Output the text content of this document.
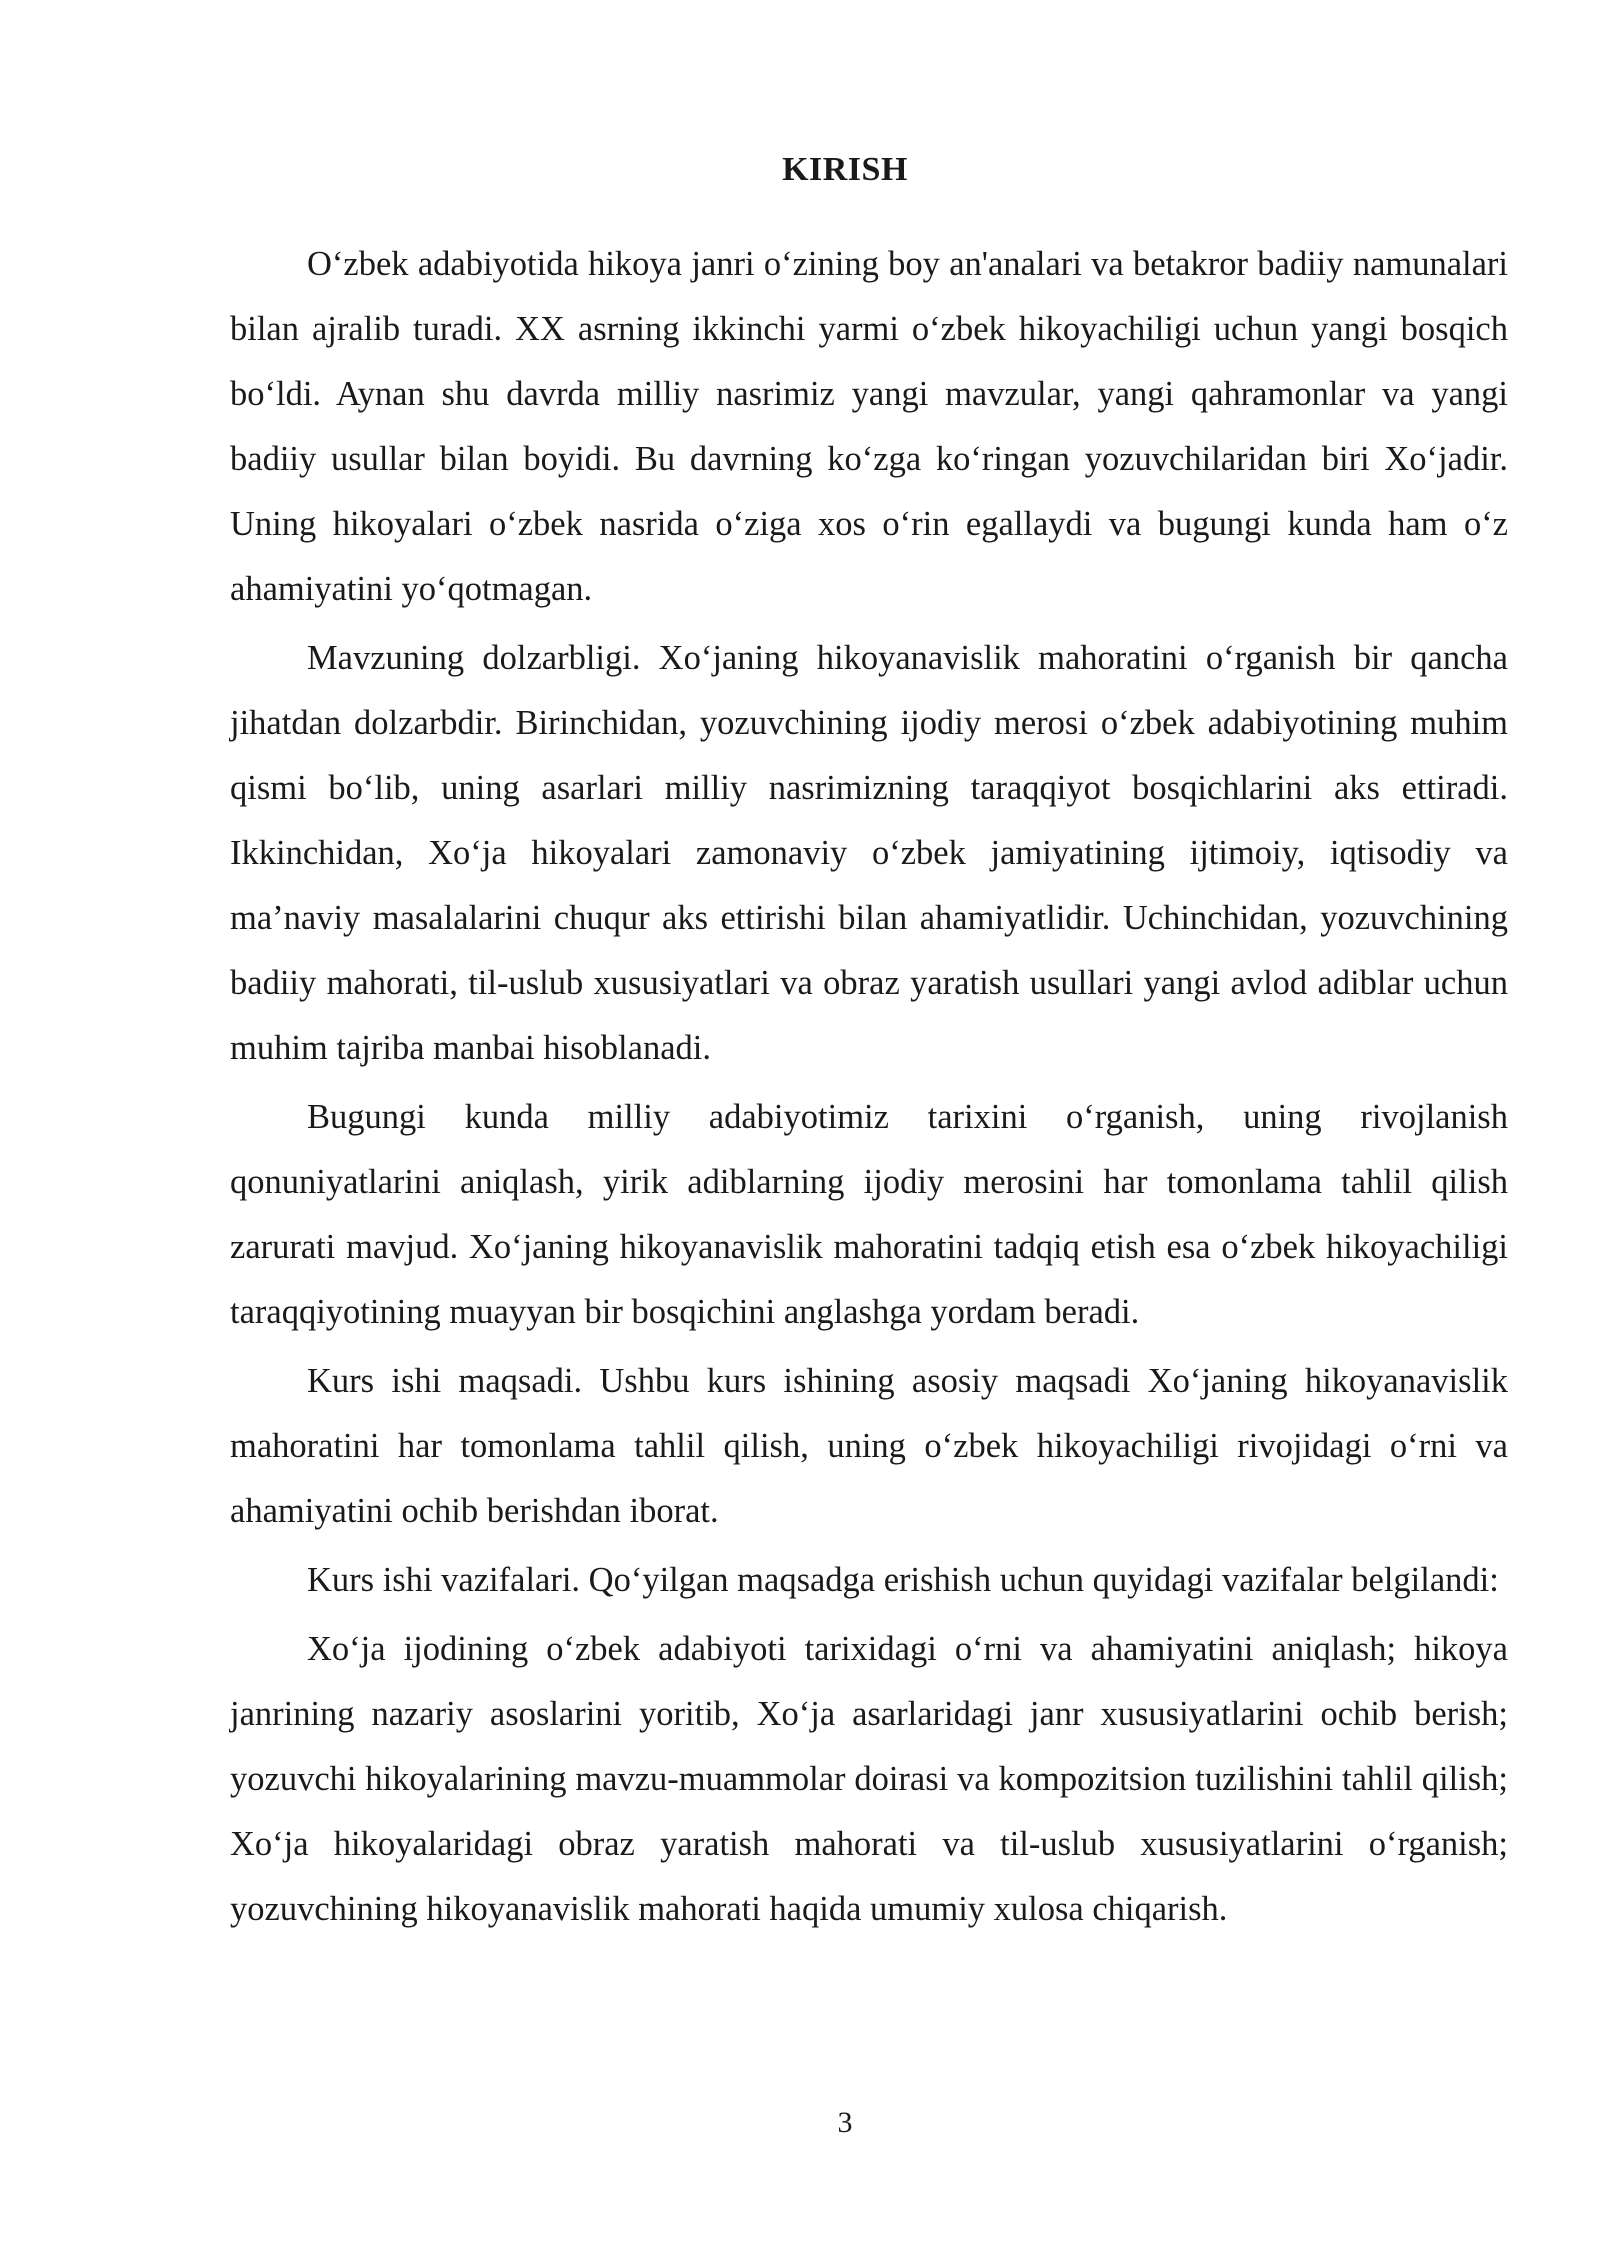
KIRISH

O‘zbek adabiyotida hikoya janri o‘zining boy an'analari va betakror badiiy namunalari bilan ajralib turadi. XX asrning ikkinchi yarmi o‘zbek hikoyachiligi uchun yangi bosqich bo‘ldi. Aynan shu davrda milliy nasrimiz yangi mavzular, yangi qahramonlar va yangi badiiy usullar bilan boyidi. Bu davrning ko‘zga ko‘ringan yozuvchilaridan biri Xo‘jadir. Uning hikoyalari o‘zbek nasrida o‘ziga xos o‘rin egallaydi va bugungi kunda ham o‘z ahamiyatini yo‘qotmagan.

Mavzuning dolzarbligi. Xo‘janing hikoyanavislik mahoratini o‘rganish bir qancha jihatdan dolzarbdir. Birinchidan, yozuvchining ijodiy merosi o‘zbek adabiyotining muhim qismi bo‘lib, uning asarlari milliy nasrimizning taraqqiyot bosqichlarini aks ettiradi. Ikkinchidan, Xo‘ja hikoyalari zamonaviy o‘zbek jamiyatining ijtimoiy, iqtisodiy va ma’naviy masalalarini chuqur aks ettirishi bilan ahamiyatlidir. Uchinchidan, yozuvchining badiiy mahorati, til-uslub xususiyatlari va obraz yaratish usullari yangi avlod adiblar uchun muhim tajriba manbai hisoblanadi.

Bugungi kunda milliy adabiyotimiz tarixini o‘rganish, uning rivojlanish qonuniyatlarini aniqlash, yirik adiblarning ijodiy merosini har tomonlama tahlil qilish zarurati mavjud. Xo‘janing hikoyanavislik mahoratini tadqiq etish esa o‘zbek hikoyachiligi taraqqiyotining muayyan bir bosqichini anglashga yordam beradi.

Kurs ishi maqsadi. Ushbu kurs ishining asosiy maqsadi Xo‘janing hikoyanavislik mahoratini har tomonlama tahlil qilish, uning o‘zbek hikoyachiligi rivojidagi o‘rni va ahamiyatini ochib berishdan iborat.

Kurs ishi vazifalari. Qo‘yilgan maqsadga erishish uchun quyidagi vazifalar belgilandi:

Xo‘ja ijodining o‘zbek adabiyoti tarixidagi o‘rni va ahamiyatini aniqlash; hikoya janrining nazariy asoslarini yoritib, Xo‘ja asarlaridagi janr xususiyatlarini ochib berish; yozuvchi hikoyalarining mavzu-muammolar doirasi va kompozitsion tuzilishini tahlil qilish; Xo‘ja hikoyalaridagi obraz yaratish mahorati va til-uslub xususiyatlarini o‘rganish; yozuvchining hikoyanavislik mahorati haqida umumiy xulosa chiqarish.

3
